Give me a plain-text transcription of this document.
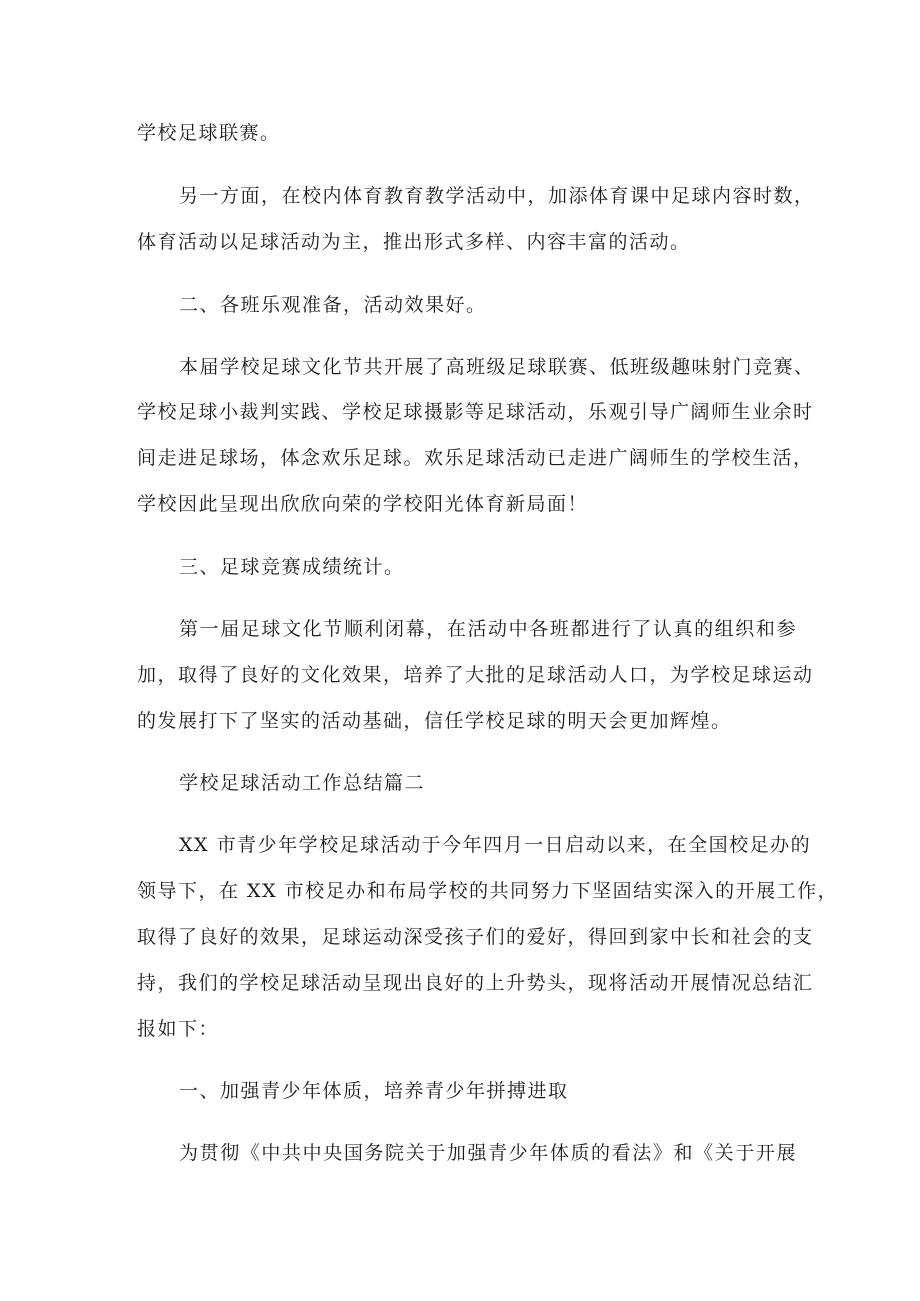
学校足球联赛。
另一方面，在校内体育教育教学活动中，加添体育课中足球内容时数，
体育活动以足球活动为主，推出形式多样、内容丰富的活动。
二、各班乐观准备，活动效果好。
本届学校足球文化节共开展了高班级足球联赛、低班级趣味射门竞赛、
学校足球小裁判实践、学校足球摄影等足球活动，乐观引导广阔师生业余时
间走进足球场，体念欢乐足球。欢乐足球活动已走进广阔师生的学校生活，
学校因此呈现出欣欣向荣的学校阳光体育新局面！
三、足球竞赛成绩统计。
第一届足球文化节顺利闭幕，在活动中各班都进行了认真的组织和参
加，取得了良好的文化效果，培养了大批的足球活动人口，为学校足球运动
的发展打下了坚实的活动基础，信任学校足球的明天会更加辉煌。
学校足球活动工作总结篇二
XX 市青少年学校足球活动于今年四月一日启动以来，在全国校足办的
领导下，在 XX 市校足办和布局学校的共同努力下坚固结实深入的开展工作，
取得了良好的效果，足球运动深受孩子们的爱好，得回到家中长和社会的支
持，我们的学校足球活动呈现出良好的上升势头，现将活动开展情况总结汇
报如下：
一、加强青少年体质，培养青少年拼搏进取
为贯彻《中共中央国务院关于加强青少年体质的看法》和《关于开展
